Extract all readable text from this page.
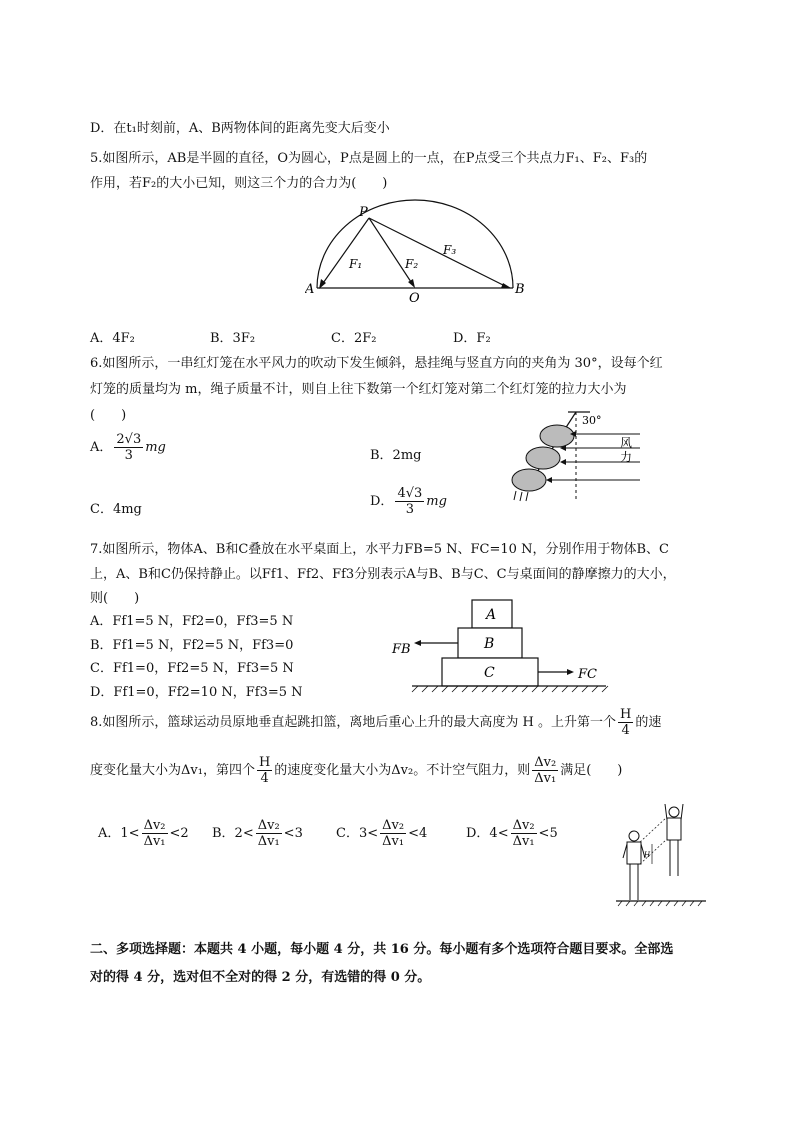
D．在t₁时刻前，A、B两物体间的距离先变大后变小
5.如图所示，AB是半圆的直径，O为圆心，P点是圆上的一点，在P点受三个共点力F₁、F₂、F₃的
作用，若F₂的大小已知，则这三个力的合力为(　　)
P
A	B
O
F₁	F₂
F₃
A．4F₂	B．3F₂	C．2F₂	D．F₂
6.如图所示，一串红灯笼在水平风力的吹动下发生倾斜，悬挂绳与竖直方向的夹角为 30°，设每个红
灯笼的质量均为 m，绳子质量不计，则自上往下数第一个红灯笼对第二个红灯笼的拉力大小为
(　　)
A． $\frac{2√3}{3}$ mg
B．2mg
C．4mg
D． $\frac{4√3}{3}$ mg
30°
风
力
7.如图所示，物体A、B和C叠放在水平桌面上，水平力FB=5 N、FC=10 N，分别作用于物体B、C
上，A、B和C仍保持静止。以Ff1、Ff2、Ff3分别表示A与B、B与C、C与桌面间的静摩擦力的大小，
则(　　)
A．Ff1=5 N，Ff2=0，Ff3=5 N
B．Ff1=5 N，Ff2=5 N，Ff3=0
C．Ff1=0，Ff2=5 N，Ff3=5 N
D．Ff1=0，Ff2=10 N，Ff3=5 N
A
B
C
FB
FC
8.如图所示，篮球运动员原地垂直起跳扣篮，离地后重心上升的最大高度为 H 。上升第一个 $\frac{H}{4}$ 的速
度变化量大小为Δv₁，第四个 $\frac{H}{4}$ 的速度变化量大小为Δv₂。不计空气阻力，则 $\frac{\text{Δv₂}}{\text{Δv₁}}$ 满足(　　)
A．$1< \frac{\text{Δv₂}}{\text{Δv₁}} <2$ B．$2< \frac{\text{Δv₂}}{\text{Δv₁}} <3$	C．$3< \frac{\text{Δv₂}}{\text{Δv₁}} <4$	D．$4< \frac{\text{Δv₂}}{\text{Δv₁}} <5$
H
二、多项选择题：本题共 4 小题，每小题 4 分，共 16 分。每小题有多个选项符合题目要求。全部选
对的得 4 分，选对但不全对的得 2 分，有选错的得 0 分。
